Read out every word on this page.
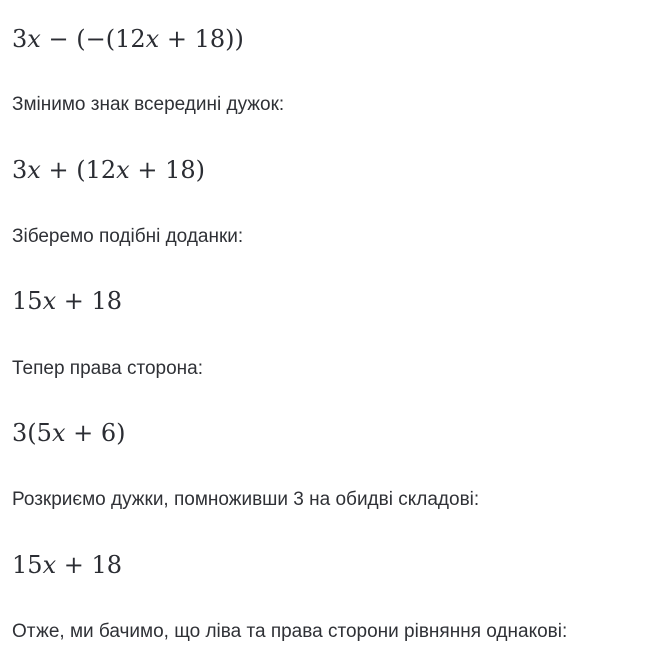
3x − (−(12x + 18))
Змінимо знак всередині дужок:
3x + (12x + 18)
Зіберемо подібні доданки:
15x + 18
Тепер права сторона:
3(5x + 6)
Розкриємо дужки, помноживши 3 на обидві складові:
15x + 18
Отже, ми бачимо, що ліва та права сторони рівняння однакові:
